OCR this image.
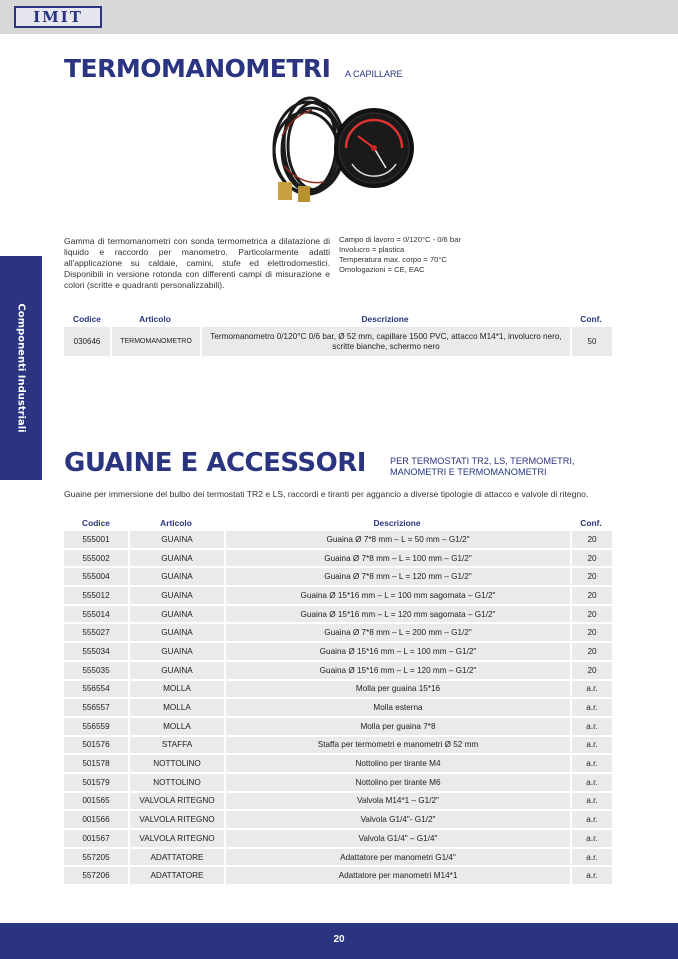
IMIT
Componenti Industriali
TERMOMANOMETRI A CAPILLARE
Gamma di termomanometri con sonda termometrica a dilatazione di liquido e raccordo per manometro. Particolarmente adatti all'applicazione su caldaie, camini, stufe ed elettrodomestici. Disponibili in versione rotonda con differenti campi di misurazione e colori (scritte e quadranti personalizzabili).
Campo di lavoro = 0/120°C - 0/6 bar
Involucro = plastica
Temperatura max. corpo = 70°C
Omologazioni = CE, EAC
Codice	Articolo	Descrizione	Conf.
030646	TERMOMANOMETRO	Termomanometro 0/120°C 0/6 bar, Ø 52 mm, capillare 1500 PVC, attacco M14*1, involucro nero, scritte bianche, schermo nero	50
GUAINE E ACCESSORI	PER TERMOSTATI TR2, LS, TERMOMETRI,
MANOMETRI E TERMOMANOMETRI
Guaine per immersione del bulbo dei termostati TR2 e LS, raccordi e tiranti per aggancio a diverse tipologie di attacco e valvole di ritegno.
Codice	Articolo	Descrizione	Conf.
555001	GUAINA	Guaina Ø 7*8 mm – L = 50 mm – G1/2"	20
555002	GUAINA	Guaina Ø 7*8 mm – L = 100 mm – G1/2"	20
555004	GUAINA	Guaina Ø 7*8 mm – L = 120 mm – G1/2"	20
555012	GUAINA	Guaina Ø 15*16 mm – L = 100 mm sagomata – G1/2"	20
555014	GUAINA	Guaina Ø 15*16 mm – L = 120 mm sagomata – G1/2"	20
555027	GUAINA	Guaina Ø 7*8 mm – L = 200 mm – G1/2"	20
555034	GUAINA	Guaina Ø 15*16 mm – L = 100 mm – G1/2"	20
555035	GUAINA	Guaina Ø 15*16 mm – L = 120 mm – G1/2"	20
556554	MOLLA	Molla per guaina 15*16	a.r.
556557	MOLLA	Molla esterna	a.r.
556559	MOLLA	Molla per guaina 7*8	a.r.
501576	STAFFA	Staffa per termometri e manometri Ø 52 mm	a.r.
501578	NOTTOLINO	Nottolino per tirante M4	a.r.
501579	NOTTOLINO	Nottolino per tirante M6	a.r.
001565	VALVOLA RITEGNO	Valvola M14*1 – G1/2"	a.r.
001566	VALVOLA RITEGNO	Valvola G1/4"- G1/2"	a.r.
001567	VALVOLA RITEGNO	Valvola G1/4" – G1/4"	a.r.
557205	ADATTATORE	Adattatore per manometri G1/4"	a.r.
557206	ADATTATORE	Adattatore per manometri M14*1	a.r.
20
